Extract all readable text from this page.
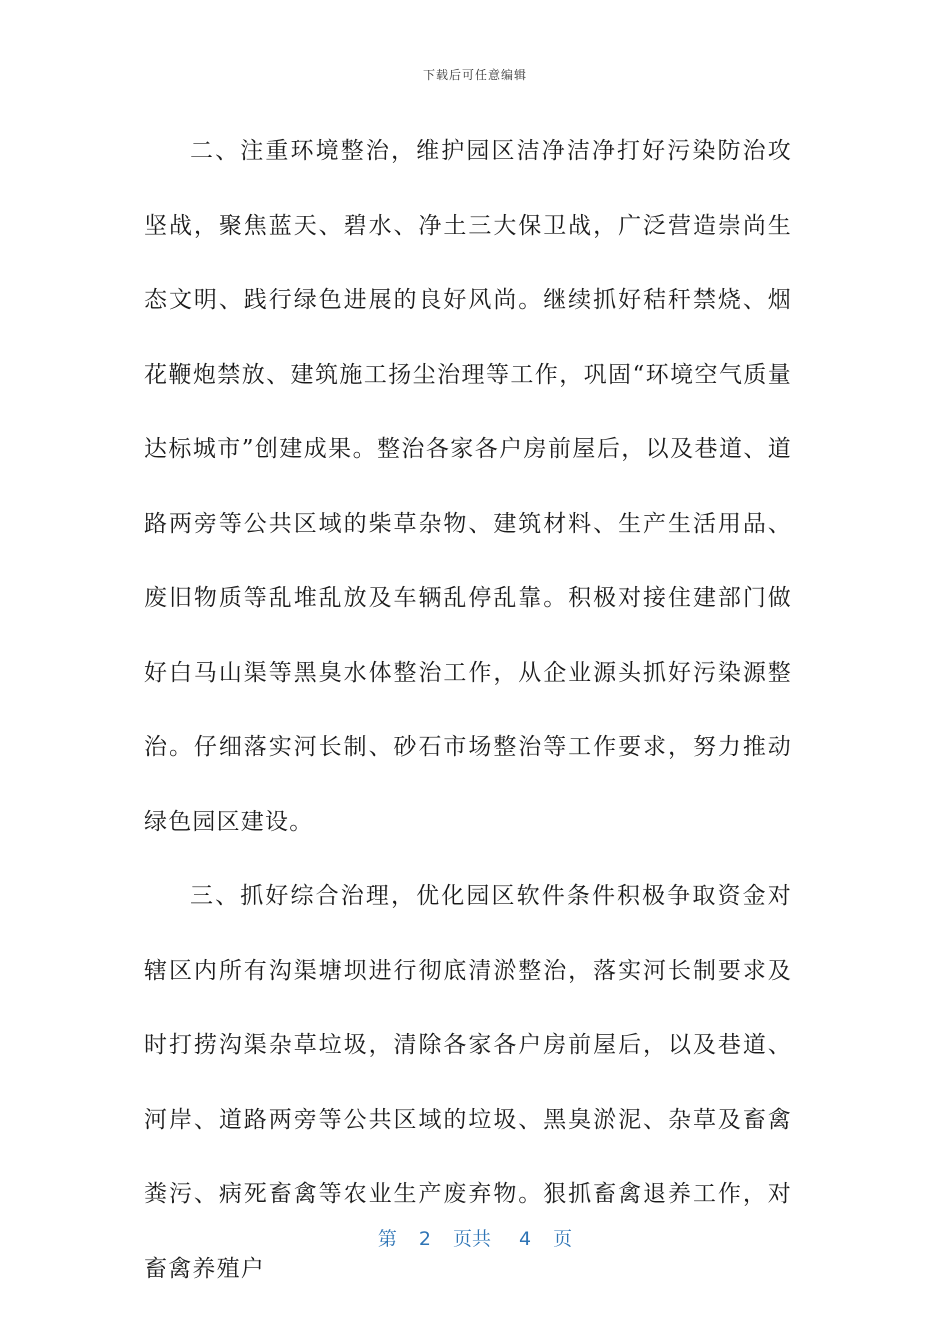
下载后可任意编辑

二、注重环境整治，维护园区洁净洁净打好污染防治攻坚战，聚焦蓝天、碧水、净土三大保卫战，广泛营造崇尚生态文明、践行绿色进展的良好风尚。继续抓好秸秆禁烧、烟花鞭炮禁放、建筑施工扬尘治理等工作，巩固“环境空气质量达标城市”创建成果。整治各家各户房前屋后，以及巷道、道路两旁等公共区域的柴草杂物、建筑材料、生产生活用品、废旧物质等乱堆乱放及车辆乱停乱靠。积极对接住建部门做好白马山渠等黑臭水体整治工作，从企业源头抓好污染源整治。仔细落实河长制、砂石市场整治等工作要求，努力推动绿色园区建设。

三、抓好综合治理，优化园区软件条件积极争取资金对辖区内所有沟渠塘坝进行彻底清淤整治，落实河长制要求及时打捞沟渠杂草垃圾，清除各家各户房前屋后，以及巷道、河岸、道路两旁等公共区域的垃圾、黑臭淤泥、杂草及畜禽粪污、病死畜禽等农业生产废弃物。狠抓畜禽退养工作，对畜禽养殖户

第 2 页共 4 页
